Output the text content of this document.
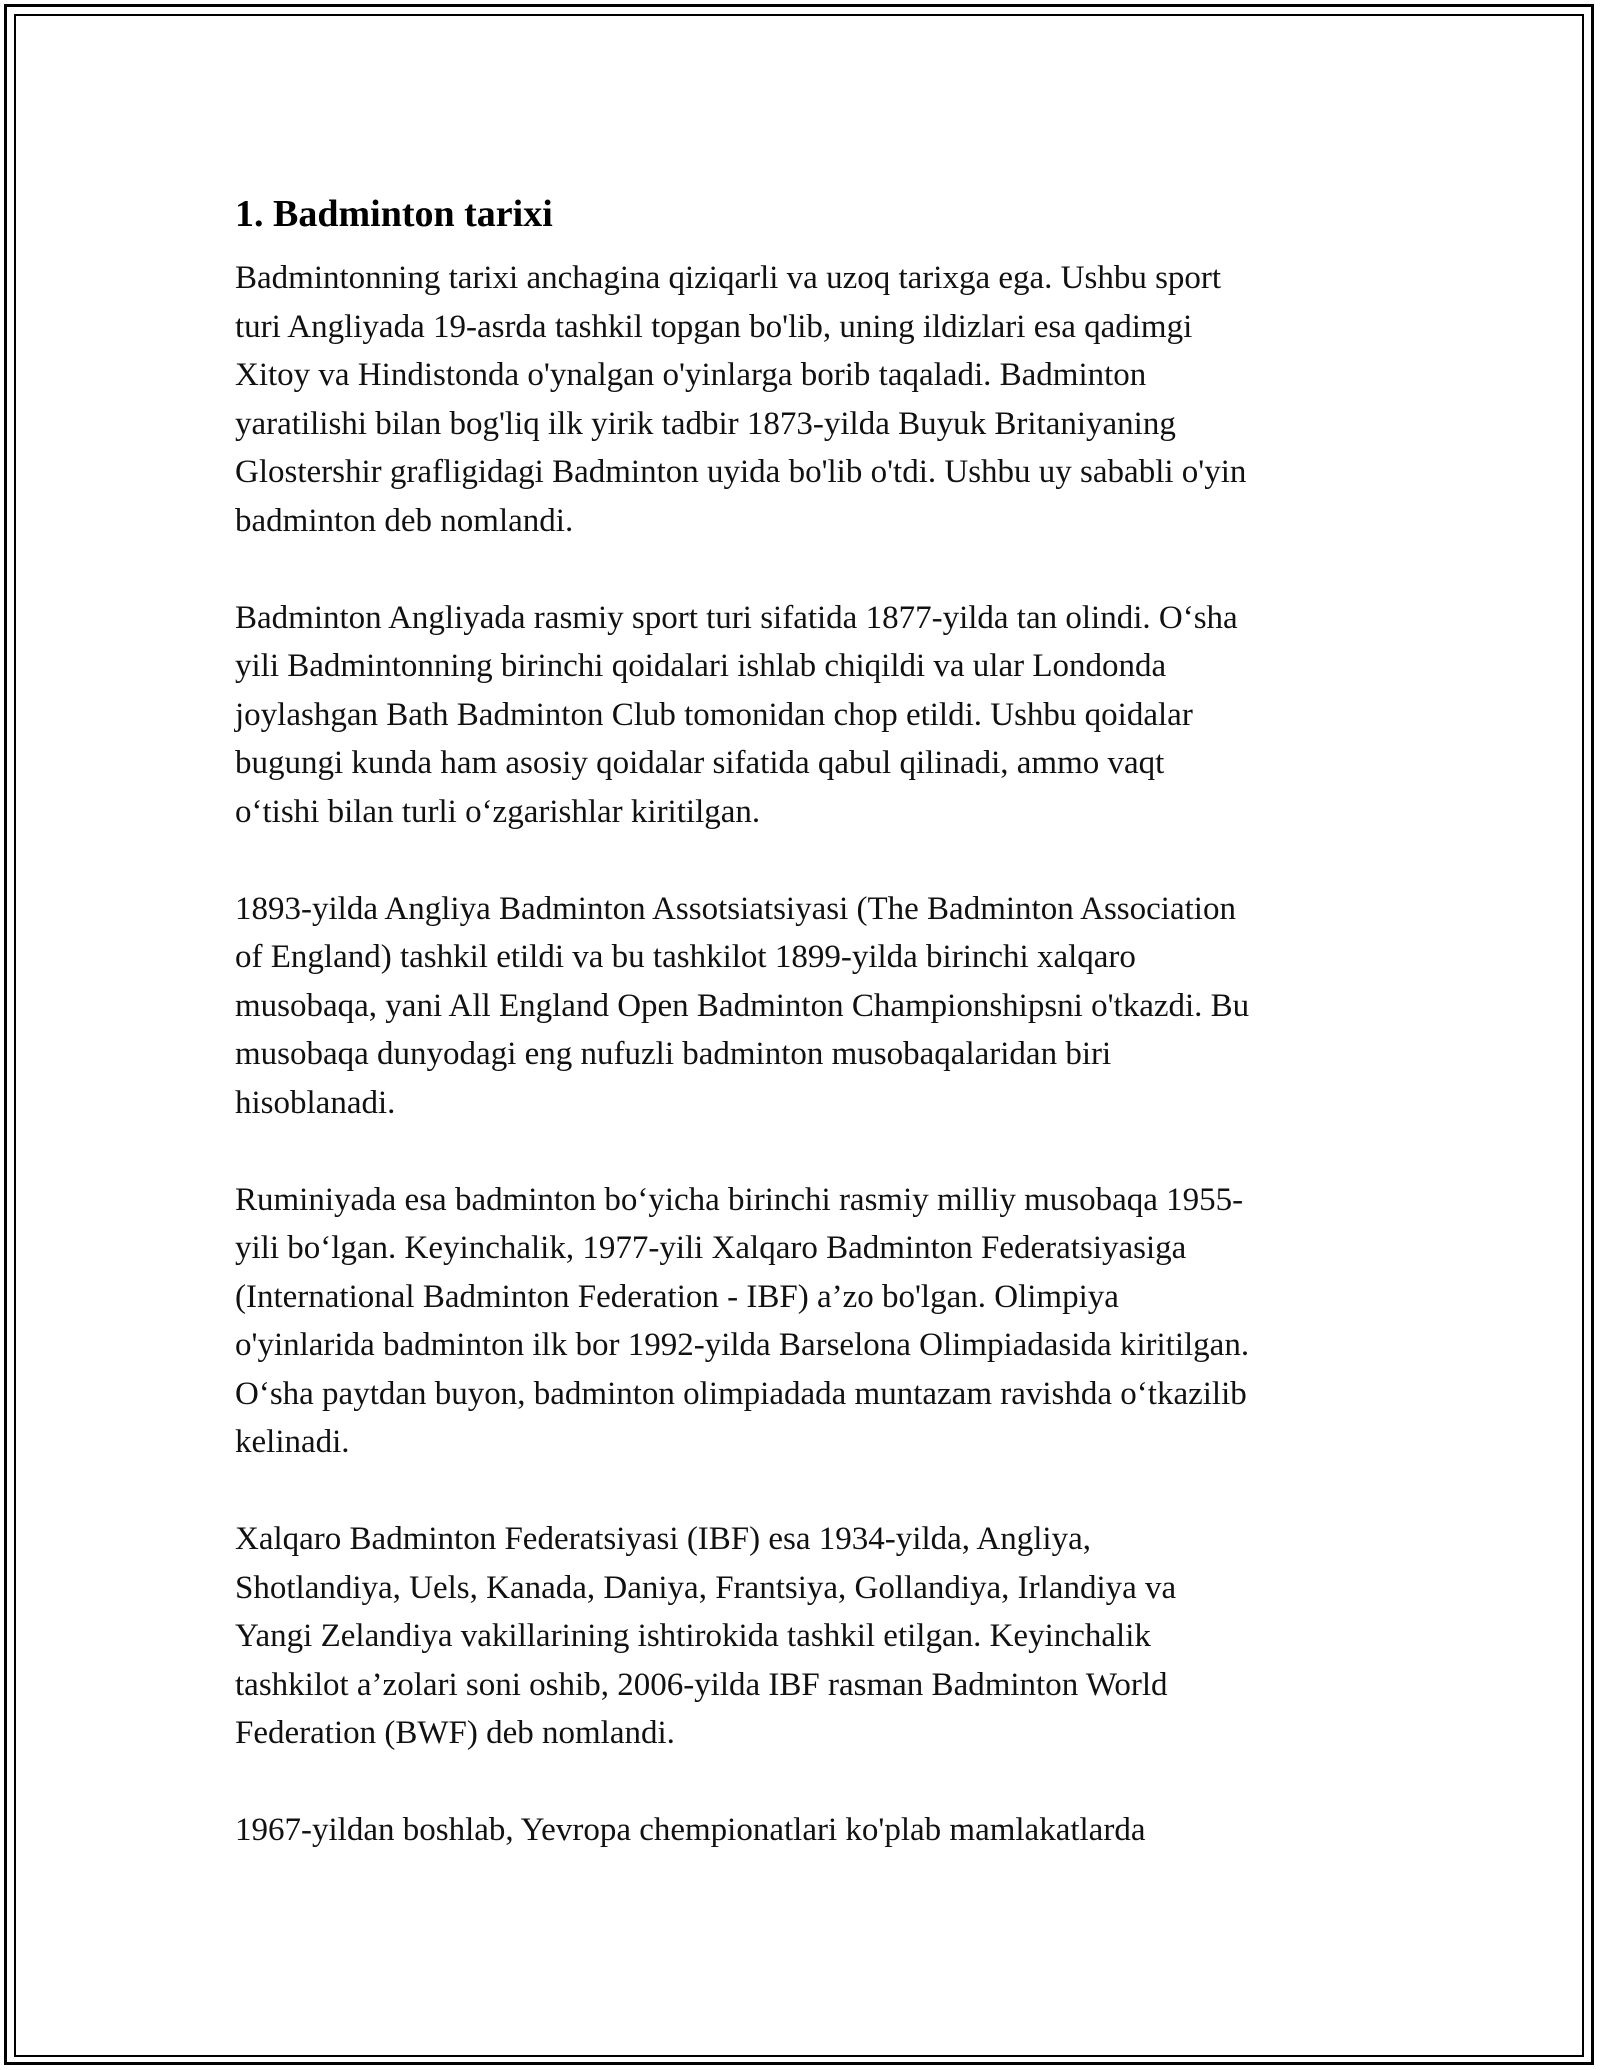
1. Badminton tarixi

Badmintonning tarixi anchagina qiziqarli va uzoq tarixga ega. Ushbu sport
turi Angliyada 19-asrda tashkil topgan bo'lib, uning ildizlari esa qadimgi
Xitoy va Hindistonda o'ynalgan o'yinlarga borib taqaladi. Badminton
yaratilishi bilan bog'liq ilk yirik tadbir 1873-yilda Buyuk Britaniyaning
Glostershir grafligidagi Badminton uyida bo'lib o'tdi. Ushbu uy sababli o'yin
badminton deb nomlandi.

Badminton Angliyada rasmiy sport turi sifatida 1877-yilda tan olindi. O‘sha
yili Badmintonning birinchi qoidalari ishlab chiqildi va ular Londonda
joylashgan Bath Badminton Club tomonidan chop etildi. Ushbu qoidalar
bugungi kunda ham asosiy qoidalar sifatida qabul qilinadi, ammo vaqt
o‘tishi bilan turli o‘zgarishlar kiritilgan.

1893-yilda Angliya Badminton Assotsiatsiyasi (The Badminton Association
of England) tashkil etildi va bu tashkilot 1899-yilda birinchi xalqaro
musobaqa, yani All England Open Badminton Championshipsni o'tkazdi. Bu
musobaqa dunyodagi eng nufuzli badminton musobaqalaridan biri
hisoblanadi.

Ruminiyada esa badminton bo‘yicha birinchi rasmiy milliy musobaqa 1955-
yili bo‘lgan. Keyinchalik, 1977-yili Xalqaro Badminton Federatsiyasiga
(International Badminton Federation - IBF) a’zo bo'lgan. Olimpiya
o'yinlarida badminton ilk bor 1992-yilda Barselona Olimpiadasida kiritilgan.
O‘sha paytdan buyon, badminton olimpiadada muntazam ravishda o‘tkazilib
kelinadi.

Xalqaro Badminton Federatsiyasi (IBF) esa 1934-yilda, Angliya,
Shotlandiya, Uels, Kanada, Daniya, Frantsiya, Gollandiya, Irlandiya va
Yangi Zelandiya vakillarining ishtirokida tashkil etilgan. Keyinchalik
tashkilot a’zolari soni oshib, 2006-yilda IBF rasman Badminton World
Federation (BWF) deb nomlandi.

1967-yildan boshlab, Yevropa chempionatlari ko'plab mamlakatlarda
